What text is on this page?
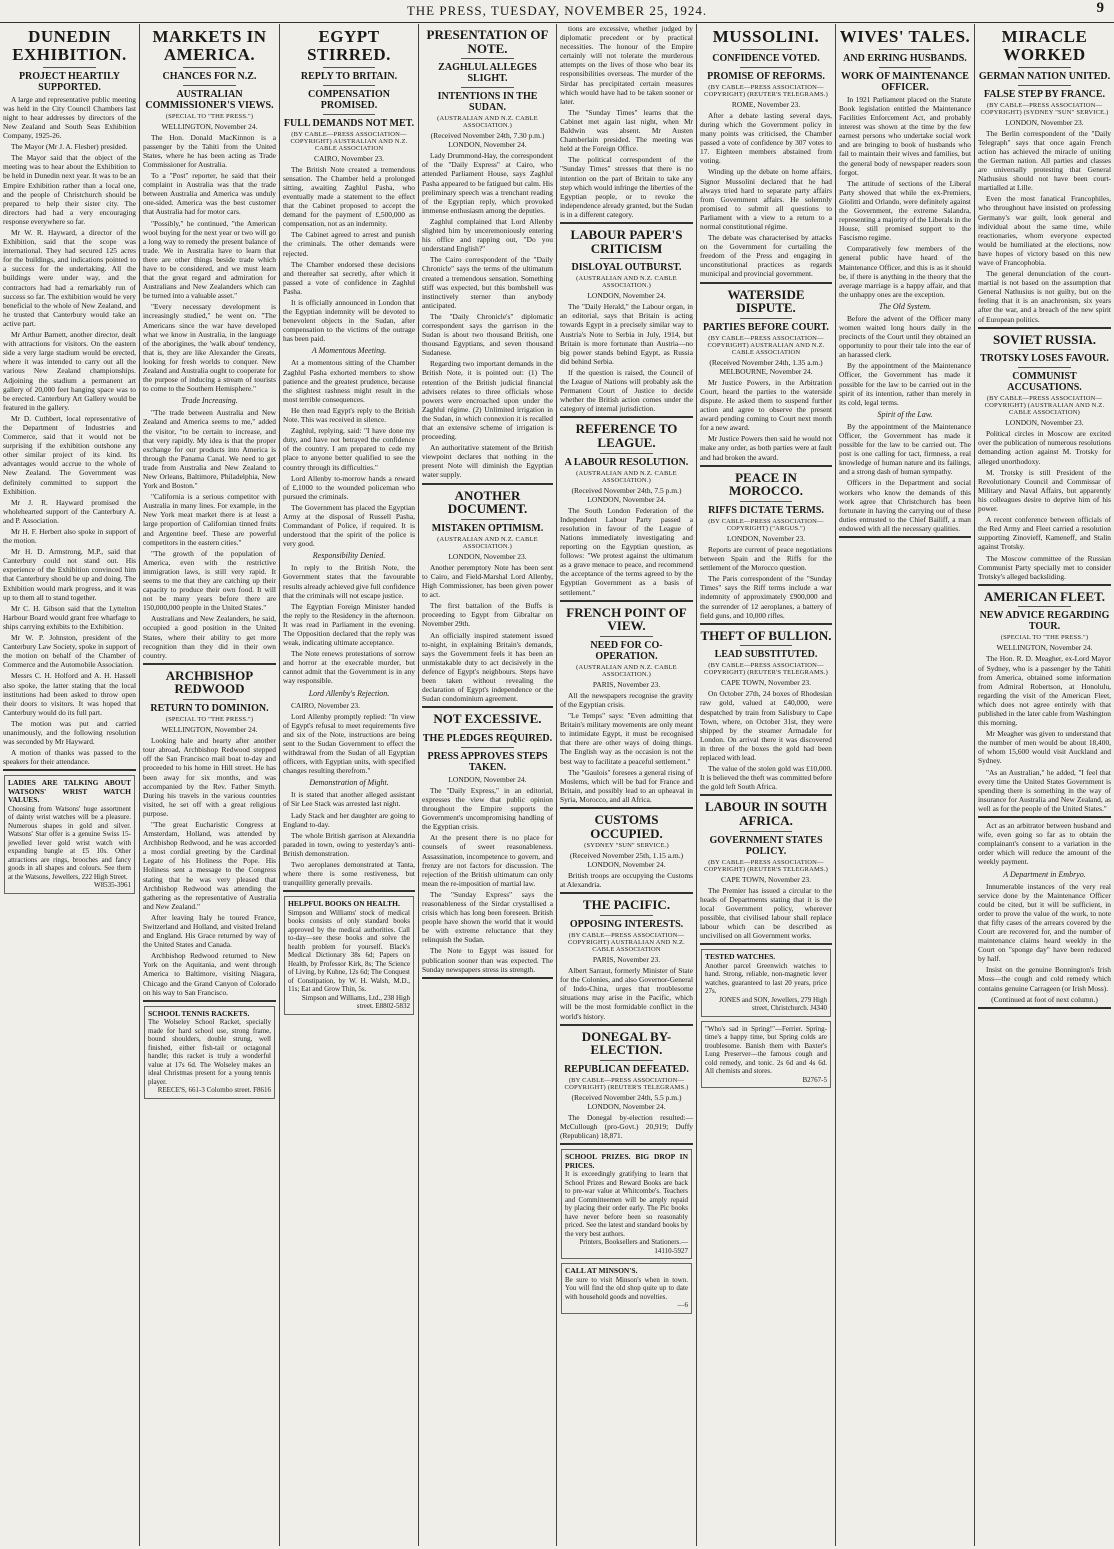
THE PRESS, TUESDAY, NOVEMBER 25, 1924.	9
DUNEDIN EXHIBITION.
PROJECT HEARTILY SUPPORTED.

A large and representative public meeting was held in the City Council Chambers last night to hear addresses by directors of the New Zealand and South Seas Exhibition Company, 1925-26.

The Mayor (Mr J. A. Flesher) presided.

The Mayor said that the object of the meeting was to hear about the Exhibition to be held in Dunedin next year. It was to be an Empire Exhibition rather than a local one, and the people of Christchurch should be prepared to help their sister city. The directors had had a very encouraging response everywhere so far.

Mr W. R. Hayward, a director of the Exhibition, said that the scope was international. They had secured 125 acres for the buildings, and indications pointed to a success for the undertaking. All the buildings were under way, and the contractors had had a remarkably run of success so far. The exhibition would be very beneficial to the whole of New Zealand, and he trusted that Canterbury would take an active part.

Mr Arthur Barnett, another director, dealt with attractions for visitors. On the eastern side a very large stadium would be erected, where it was intended to carry out all the various New Zealand championships. Adjoining the stadium a permanent art gallery of 20,000 feet hanging space was to be erected. Canterbury Art Gallery would be featured in the gallery.

Mr D. Cuthbert, local representative of the Department of Industries and Commerce, said that it would not be surprising if the exhibition outshone any other similar project of its kind. Its advantages would accrue to the whole of New Zealand. The Government was definitely committed to support the Exhibition.

Mr J. R. Hayward promised the wholehearted support of the Canterbury A. and P. Association.

Mr H. F. Herbert also spoke in support of the motion.

Mr H. D. Armstrong, M.P., said that Canterbury could not stand out. His experience of the Exhibition convinced him that Canterbury should be up and doing. The Exhibition would mark progress, and it was up to them all to stand together.

Mr C. H. Gibson said that the Lyttelton Harbour Board would grant free wharfage to ships carrying exhibits to the Exhibition.

Mr W. P. Johnston, president of the Canterbury Law Society, spoke in support of the motion on behalf of the Chamber of Commerce and the Automobile Association.

Messrs C. H. Holford and A. H. Hassell also spoke, the latter stating that the local institutions had been asked to throw open their doors to visitors. It was hoped that Canterbury would do its full part.

The motion was put and carried unanimously, and the following resolution was seconded by Mr Hayward.

A motion of thanks was passed to the speakers for their attendance.

LADIES ARE TALKING ABOUT WATSONS' WRIST WATCH VALUES.
Choosing from Watsons' huge assortment of dainty wrist watches will be a pleasure. Numerous shapes in gold and silver. Watsons' Star offer is a genuine Swiss 15-jewelled lever gold wrist watch with expanding bangle at £5 10s. Other attractions are rings, brooches and fancy goods in all shapes and colours. See them at the Watsons, Jewellers, 222 High Street.
W8535-3961
MARKETS IN AMERICA.
CHANCES FOR N.Z.
AUSTRALIAN COMMISSIONER'S VIEWS.
(SPECIAL TO "THE PRESS.")
WELLINGTON, November 24.

The Hon. Donald MacKinnon is a passenger by the Tahiti from the United States, where he has been acting as Trade Commissioner for Australia.

To a "Post" reporter, he said that their complaint in Australia was that the trade between Australia and America was unduly one-sided. America was the best customer that Australia had for motor cars.

"Possibly," he continued, "the American wool buying for the next year or two will go a long way to remedy the present balance of trade. We in Australia have to learn that there are other things beside trade which have to be considered, and we must learn that the great regard and admiration for Australians and New Zealanders which can be turned into a valuable asset."

"Every necessary development is increasingly studied," he went on. "The Americans since the war have developed what we know in Australia, in the language of the aborigines, the 'walk about' tendency, that is, they are like Alexander the Greats, looking for fresh worlds to conquer. New Zealand and Australia ought to cooperate for the purpose of inducing a stream of tourists to come to the Southern Hemisphere."

Trade Increasing.

"The trade between Australia and New Zealand and America seems to me," added the visitor, "to be certain to increase, and that very rapidly. My idea is that the proper exchange for our products into America is through the Panama Canal. We need to get trade from Australia and New Zealand to New Orleans, Baltimore, Philadelphia, New York and Boston."

"California is a serious competitor with Australia in many lines. For example, in the New York meat market there is at least a large proportion of Californian tinned fruits and Argentine beef. These are powerful competitors in the eastern cities."

"The growth of the population of America, even with the restrictive immigration laws, is still very rapid. It seems to me that they are catching up their capacity to produce their own food. It will not be many years before there are 150,000,000 people in the United States."

Australians and New Zealanders, he said, occupied a good position in the United States, where their ability to get more recognition than they did in their own country.

ARCHBISHOP REDWOOD
RETURN TO DOMINION.
(SPECIAL TO "THE PRESS.")
WELLINGTON, November 24.

Looking hale and hearty after another tour abroad, Archbishop Redwood stepped off the San Francisco mail boat to-day and proceeded to his home in Hill street. He has been away for six months, and was accompanied by the Rev. Father Smyth. During his travels in the various countries visited, he set off with a great religious purpose.

"The great Eucharistic Congress at Amsterdam, Holland, was attended by Archbishop Redwood, and he was accorded a most cordial greeting by the Cardinal Legate of his Holiness the Pope. His Holiness sent a message to the Congress stating that he was very pleased that Archbishop Redwood was attending the gathering as the representative of Australia and New Zealand."

After leaving Italy he toured France, Switzerland and Holland, and visited Ireland and England. His Grace returned by way of the United States and Canada.

Archbishop Redwood returned to New York on the Aquitania, and went through America to Baltimore, visiting Niagara, Chicago and the Grand Canyon of Colorado on his way to San Francisco.

SCHOOL TENNIS RACKETS.
The Wolseley School Racket, specially made for hard school use, strong frame, bound shoulders, double strung, well finished, either fish-tail or octagonal handle; this racket is truly a wonderful value at 17s 6d. The Wolseley makes an ideal Christmas present for a young tennis player.
REECE'S, 661-3 Colombo street. F8616
EGYPT STIRRED.
REPLY TO BRITAIN.
COMPENSATION PROMISED.
FULL DEMANDS NOT MET.
(BY CABLE—PRESS ASSOCIATION—COPYRIGHT) AUSTRALIAN AND N.Z. CABLE ASSOCIATION
CAIRO, November 23.

The British Note created a tremendous sensation. The Chamber held a prolonged sitting, awaiting Zaghlul Pasha, who eventually made a statement to the effect that the Cabinet proposed to accept the demand for the payment of £,500,000 as compensation, not as an indemnity.

The Cabinet agreed to arrest and punish the criminals. The other demands were rejected.

The Chamber endorsed these decisions and thereafter sat secretly, after which it passed a vote of confidence in Zaghlul Pasha.

It is officially announced in London that the Egyptian indemnity will be devoted to benevolent objects in the Sudan, after compensation to the victims of the outrage has been paid.

A Momentous Meeting.

At a momentous sitting of the Chamber Zaghlul Pasha exhorted members to show patience and the greatest prudence, because the slightest rashness might result in the most terrible consequences.

He then read Egypt's reply to the British Note. This was received in silence.

Zaghlul, replying, said: "I have done my duty, and have not betrayed the confidence of the country. I am prepared to cede my place to anyone better qualified to see the country through its difficulties."

Lord Allenby to-morrow hands a reward of £,1000 to the wounded policeman who pursued the criminals.

The Government has placed the Egyptian Army at the disposal of Russell Pasha, Commandant of Police, if required. It is understood that the spirit of the police is very good.

Responsibility Denied.

In reply to the British Note, the Government states that the favourable results already achieved give full confidence that the criminals will not escape justice.

The Egyptian Foreign Minister handed the reply to the Residency in the afternoon. It was read in Parliament in the evening. The Opposition declared that the reply was weak, indicating ultimate acceptance.

The Note renews protestations of sorrow and horror at the execrable murder, but cannot admit that the Government is in any way responsible.

Lord Allenby's Rejection.

CAIRO, November 23.

Lord Allenby promptly replied: "In view of Egypt's refusal to meet requirements five and six of the Note, instructions are being sent to the Sudan Government to effect the withdrawal from the Sudan of all Egyptian officers, with Egyptian units, with specified changes resulting therefrom."

Demonstration of Might.

It is stated that another alleged assistant of Sir Lee Stack was arrested last night.

Lady Stack and her daughter are going to England to-day.

The whole British garrison at Alexandria paraded in town, owing to yesterday's anti-British demonstration.

Two aeroplanes demonstrated at Tanta, where there is some restiveness, but tranquillity generally prevails.

HELPFUL BOOKS ON HEALTH.
Simpson and Williams' stock of medical books consists of only standard books approved by the medical authorities. Call to-day—see these books and solve the health problem for yourself. Black's Medical Dictionary 38s 6d; Papers on Health, by Professor Kirk, 8s; The Science of Living, by Kuhne, 12s 6d; The Conquest of Constipation, by W. H. Walsh, M.D., 11s; Eat and Grow Thin, 5s.
Simpson and Williams, Ltd., 238 High street. E8802-5832
PRESENTATION OF NOTE.
ZAGHLUL ALLEGES SLIGHT.
INTENTIONS IN THE SUDAN.
(AUSTRALIAN AND N.Z. CABLE ASSOCIATION.)
(Received November 24th, 7.30 p.m.) LONDON, November 24.

Lady Drummond-Hay, the correspondent of the "Daily Express" at Cairo, who attended Parliament House, says Zaghlul Pasha appeared to be fatigued but calm. His preliminary speech was a trenchant reading of the Egyptian reply, which provoked immense enthusiasm among the deputies.

Zaghlul complained that Lord Allenby slighted him by unceremoniously entering his office and rapping out, "Do you understand English?"

The Cairo correspondent of the "Daily Chronicle" says the terms of the ultimatum created a tremendous sensation. Something stiff was expected, but this bombshell was instinctively sterner than anybody anticipated.

The "Daily Chronicle's" diplomatic correspondent says the garrison in the Sudan is about two thousand British, one thousand Egyptians, and seven thousand Sudanese.

Regarding two important demands in the British Note, it is pointed out: (1) The retention of the British judicial financial advisers relates to three officials whose powers were encroached upon under the Zaghlul régime. (2) Unlimited irrigation in the Sudan, in which connexion it is recalled that an extensive scheme of irrigation is proceeding.

An authoritative statement of the British viewpoint declares that nothing in the present Note will diminish the Egyptian water supply.

ANOTHER DOCUMENT.
MISTAKEN OPTIMISM.
(AUSTRALIAN AND N.Z. CABLE ASSOCIATION.)
LONDON, November 23.

Another peremptory Note has been sent to Cairo, and Field-Marshal Lord Allenby, High Commissioner, has been given power to act.

The first battalion of the Buffs is proceeding to Egypt from Gibraltar on November 29th.

An officially inspired statement issued to-night, in explaining Britain's demands, says the Government feels it has been an unmistakable duty to act decisively in the defence of Egypt's neighbours. Steps have been taken without revealing the declaration of Egypt's independence or the Sudan condominium agreement.

NOT EXCESSIVE.
THE PLEDGES REQUIRED.
PRESS APPROVES STEPS TAKEN.
LONDON, November 24.

The "Daily Express," in an editorial, expresses the view that public opinion throughout the Empire supports the Government's uncompromising handling of the Egyptian crisis.

At the present there is no place for counsels of sweet reasonableness. Assassination, incompetence to govern, and frenzy are not factors for discussion. The rejection of the British ultimatum can only mean the re-imposition of martial law.

The "Sunday Express" says the reasonableness of the Sirdar crystallised a crisis which has long been foreseen. British people have shown the world that it would be with extreme reluctance that they relinquish the Sudan.

The Note to Egypt was issued for publication sooner than was expected. The Sunday newspapers stress its strength.

tions are excessive, whether judged by diplomatic precedent or by practical necessities. The honour of the Empire certainly will not tolerate the murderous attempts on the lives of those who bear its responsibilities overseas. The murder of the Sirdar has precipitated certain measures which would have had to be taken sooner or later.

The "Sunday Times" learns that the Cabinet met again last night, when Mr Baldwin was absent. Mr Austen Chamberlain presided. The meeting was held at the Foreign Office.

The political correspondent of the "Sunday Times" stresses that there is no intention on the part of Britain to take any step which would infringe the liberties of the Egyptian people, or to revoke the independence already granted, but the Sudan is in a different category.

LABOUR PAPER'S CRITICISM
DISLOYAL OUTBURST.
(AUSTRALIAN AND N.Z. CABLE ASSOCIATION.)
LONDON, November 24.

The "Daily Herald," the Labour organ, in an editorial, says that Britain is acting towards Egypt in a precisely similar way to Austria's Note to Serbia in July, 1914, but Britain is more fortunate than Austria—no big power stands behind Egypt, as Russia did behind Serbia.

If the question is raised, the Council of the League of Nations will probably ask the Permanent Court of Justice to decide whether the British action comes under the category of internal jurisdiction.

REFERENCE TO LEAGUE.
A LABOUR RESOLUTION.
(AUSTRALIAN AND N.Z. CABLE ASSOCIATION.)
(Received November 24th, 7.5 p.m.) LONDON, November 24.

The South London Federation of the Independent Labour Party passed a resolution in favour of the League of Nations immediately investigating and reporting on the Egyptian question, as follows: "We protest against the ultimatum as a grave menace to peace, and recommend the acceptance of the terms agreed to by the Egyptian Government as a basis of settlement."

FRENCH POINT OF VIEW.
NEED FOR CO-OPERATION.
(AUSTRALIAN AND N.Z. CABLE ASSOCIATION.)
PARIS, November 23.

All the newspapers recognise the gravity of the Egyptian crisis.

"Le Temps" says: "Even admitting that Britain's military movements are only meant to intimidate Egypt, it must be recognised that there are other ways of doing things. The English way as the occasion is not the best way to facilitate a peaceful settlement."

The "Gaulois" foresees a general rising of Moslems, which will be bad for France and Britain, and possibly lead to an upheaval in Syria, Morocco, and all Africa.

CUSTOMS OCCUPIED.
(SYDNEY "SUN" SERVICE.)
(Received November 25th, 1.15 a.m.) LONDON, November 24.

British troops are occupying the Customs at Alexandria.

THE PACIFIC.
OPPOSING INTERESTS.
(BY CABLE—PRESS ASSOCIATION—COPYRIGHT) AUSTRALIAN AND N.Z. CABLE ASSOCIATION
PARIS, November 23.

Albert Sarraut, formerly Minister of State for the Colonies, and also Governor-General of Indo-China, urges that troublesome situations may arise in the Pacific, which will be the most formidable conflict in the world's history.

DONEGAL BY-ELECTION.
REPUBLICAN DEFEATED.
(BY CABLE—PRESS ASSOCIATION—COPYRIGHT) (REUTER'S TELEGRAMS.)
(Received November 24th, 5.5 p.m.) LONDON, November 24.

The Donegal by-election resulted:—McCullough (pro-Govt.) 20,919; Duffy (Republican) 18,871.

SCHOOL PRIZES. BIG DROP IN PRICES.
It is exceedingly gratifying to learn that School Prizes and Reward Books are back to pre-war value at Whitcombe's. Teachers and Committeemen will be amply repaid by placing their order early. The Pic books have never before been so reasonably priced. See the latest and standard books by the very best authors.
Printers, Booksellers and Stationers.—14110-5927
CALL AT MINSON'S.
Be sure to visit Minson's when in town. You will find the old shop quite up to date with household goods and novelties.
—6
MUSSOLINI.
CONFIDENCE VOTED.
PROMISE OF REFORMS.
(BY CABLE—PRESS ASSOCIATION—COPYRIGHT) (REUTER'S TELEGRAMS.)
ROME, November 23.

After a debate lasting several days, during which the Government policy in many points was criticised, the Chamber passed a vote of confidence by 307 votes to 17. Eighteen members abstained from voting.

Winding up the debate on home affairs, Signor Mussolini declared that he had always tried hard to separate party affairs from Government affairs. He solemnly promised to submit all questions to Parliament with a view to a return to a normal constitutional régime.

The debate was characterised by attacks on the Government for curtailing the freedom of the Press and engaging in unconstitutional practices as regards municipal and provincial government.

WATERSIDE DISPUTE.
PARTIES BEFORE COURT.
(BY CABLE—PRESS ASSOCIATION—COPYRIGHT) AUSTRALIAN AND N.Z. CABLE ASSOCIATION
(Received November 24th, 1.35 a.m.) MELBOURNE, November 24.

Mr Justice Powers, in the Arbitration Court, heard the parties to the waterside dispute. He asked them to suspend further action and agree to observe the present award pending coming to Court next month for a new award.

Mr Justice Powers then said he would not make any order, as both parties were at fault and had broken the award.

PEACE IN MOROCCO.
RIFFS DICTATE TERMS.
(BY CABLE—PRESS ASSOCIATION—COPYRIGHT) ("ARGUS.")
LONDON, November 23.

Reports are current of peace negotiations between Spain and the Riffs for the settlement of the Morocco question.

The Paris correspondent of the "Sunday Times" says the Riff terms include a war indemnity of approximately £900,000 and the surrender of 12 aeroplanes, a battery of field guns, and 10,000 rifles.

THEFT OF BULLION.
LEAD SUBSTITUTED.
(BY CABLE—PRESS ASSOCIATION—COPYRIGHT) (REUTER'S TELEGRAMS.)
CAPE TOWN, November 23.

On October 27th, 24 boxes of Rhodesian raw gold, valued at £40,000, were despatched by train from Salisbury to Cape Town, where, on October 31st, they were shipped by the steamer Armadale for London. On arrival there it was discovered in three of the boxes the gold had been replaced with lead.

The value of the stolen gold was £10,000. It is believed the theft was committed before the gold left South Africa.

LABOUR IN SOUTH AFRICA.
GOVERNMENT STATES POLICY.
(BY CABLE—PRESS ASSOCIATION—COPYRIGHT) (REUTER'S TELEGRAMS.)
CAPE TOWN, November 23.

The Premier has issued a circular to the heads of Departments stating that it is the local Government policy, wherever possible, that civilised labour shall replace labour which can be described as uncivilised on all Government works.

TESTED WATCHES.
Another parcel Greenwich watches to hand. Strong, reliable, non-magnetic lever watches, guaranteed to last 20 years, price 27s.
JONES and SON, Jewellers, 279 High street, Christchurch. J4340
"Who's sad in Spring!"—Ferrier. Spring-time's a happy time, but Spring colds are troublesome. Banish them with Baxter's Lung Preserver—the famous cough and cold remedy, and tonic. 2s 6d and 4s 6d. All chemists and stores.
B2767-5
WIVES' TALES.
AND ERRING HUSBANDS.
WORK OF MAINTENANCE OFFICER.

In 1921 Parliament placed on the Statute Book legislation entitled the Maintenance Facilities Enforcement Act, and probably interest was shown at the time by the few earnest persons who undertake social work and are bringing to book of husbands who fail to maintain their wives and families, but the general body of newspaper readers soon forgot.

The attitude of sections of the Liberal Party showed that while the ex-Premiers, Giolitti and Orlando, were definitely against the Government, the extreme Salandra, representing a majority of the Liberals in the House, still promised support to the Fascismo regime.

Comparatively few members of the general public have heard of the Maintenance Officer, and this is as it should be, if there is anything in the theory that the average marriage is a happy affair, and that the unhappy ones are the exception.

The Old System.

Before the advent of the Officer many women waited long hours daily in the precincts of the Court until they obtained an opportunity to pour their tale into the ear of an harassed clerk.

By the appointment of the Maintenance Officer, the Government has made it possible for the law to be carried out in the spirit of its intention, rather than merely in its cold, legal terms.

Spirit of the Law.

By the appointment of the Maintenance Officer, the Government has made it possible for the law to be carried out. The post is one calling for tact, firmness, a real knowledge of human nature and its failings, and a strong dash of human sympathy.

Officers in the Department and social workers who know the demands of this work agree that Christchurch has been fortunate in having the carrying out of these duties entrusted to the Chief Bailiff, a man endowed with all the necessary qualities.

MIRACLE WORKED
GERMAN NATION UNITED.
FALSE STEP BY FRANCE.
(BY CABLE—PRESS ASSOCIATION—COPYRIGHT) (SYDNEY "SUN" SERVICE.)
LONDON, November 23.

The Berlin correspondent of the "Daily Telegraph" says that once again French action has achieved the miracle of uniting the German nation. All parties and classes are universally protesting that General Nathusius should not have been court-martialled at Lille.

Even the most fanatical Francophiles, who throughout have insisted on professing Germany's war guilt, look general and individual about the same time, while reactionaries, whom everyone expected would be humiliated at the elections, now have hopes of victory based on this new wave of Francophobia.

The general denunciation of the court-martial is not based on the assumption that General Nathusius is not guilty, but on the feeling that it is an anachronism, six years after the war, and a breach of the new spirit of European politics.

SOVIET RUSSIA.
TROTSKY LOSES FAVOUR.
COMMUNIST ACCUSATIONS.
(BY CABLE—PRESS ASSOCIATION—COPYRIGHT) (AUSTRALIAN AND N.Z. CABLE ASSOCIATION)
LONDON, November 23.

Political circles in Moscow are excited over the publication of numerous resolutions demanding action against M. Trotsky for alleged unorthodoxy.

M. Trotsky is still President of the Revolutionary Council and Commissar of Military and Naval Affairs, but apparently his colleagues desire to deprive him of his power.

A recent conference between officials of the Red Army and Fleet carried a resolution supporting Zinovieff, Kameneff, and Stalin against Trotsky.

The Moscow committee of the Russian Communist Party specially met to consider Trotsky's alleged backsliding.

AMERICAN FLEET.
NEW ADVICE REGARDING TOUR.
(SPECIAL TO "THE PRESS.")
WELLINGTON, November 24.

The Hon. R. D. Meagher, ex-Lord Mayor of Sydney, who is a passenger by the Tahiti from America, obtained some information from Admiral Robertson, at Honolulu, regarding the visit of the American Fleet, which does not agree entirely with that published in the later cable from Washington this morning.

Mr Meagher was given to understand that the number of men would be about 18,400, of whom 15,600 would visit Auckland and Sydney.

"As an Australian," he added, "I feel that every time the United States Government is spending there is something in the way of insurance for Australia and New Zealand, as well as for the people of the United States."

Act as an arbitrator between husband and wife, even going so far as to obtain the complainant's consent to a variation in the order which will reduce the amount of the weekly payment.

A Department in Embryo.

Innumerable instances of the very real service done by the Maintenance Officer could be cited, but it will be sufficient, in order to prove the value of the work, to note that fifty cases of the arrears covered by the Court are recovered for, and the number of maintenance claims heard weekly in the Court on "sponge day" have been reduced by half.

Insist on the genuine Bonnington's Irish Moss—the cough and cold remedy which contains genuine Carrageen (or Irish Moss).

(Continued at foot of next column.)
